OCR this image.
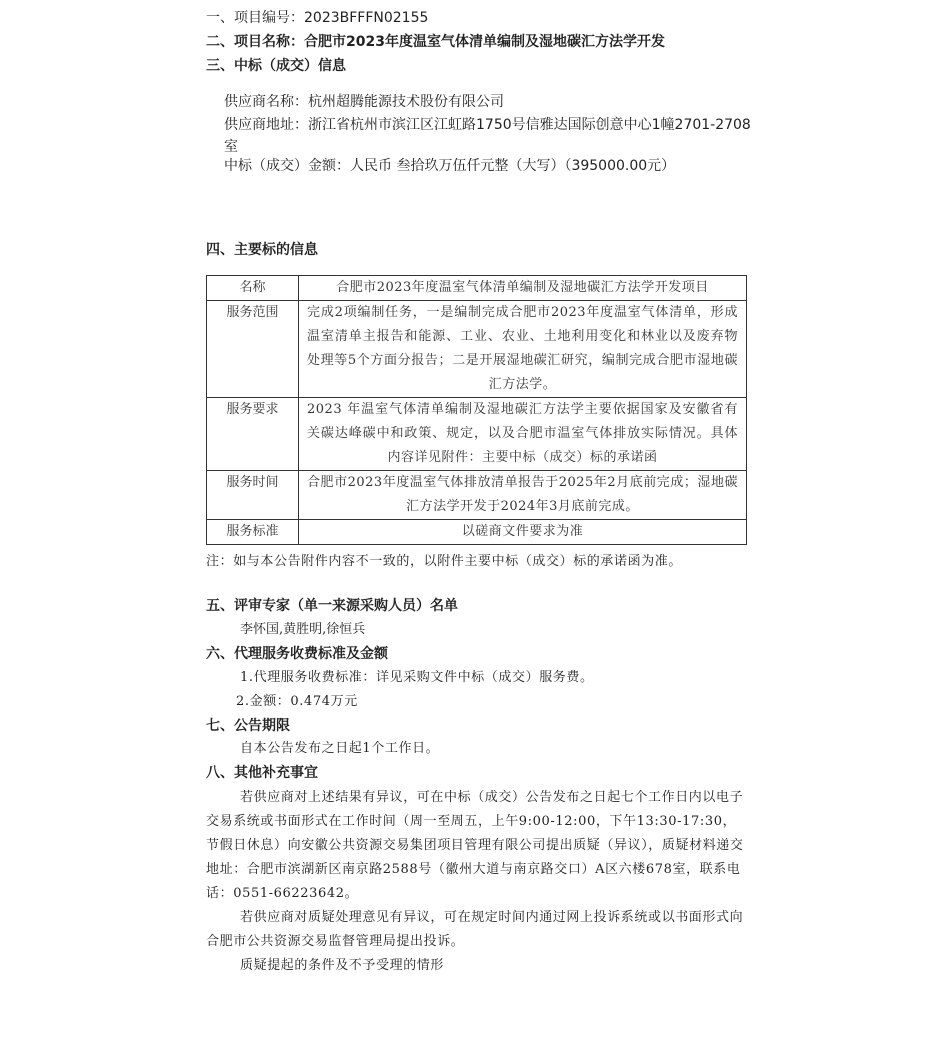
一、项目编号：2023BFFFN02155
二、项目名称：合肥市2023年度温室气体清单编制及湿地碳汇方法学开发
三、中标（成交）信息
供应商名称：杭州超腾能源技术股份有限公司
供应商地址：浙江省杭州市滨江区江虹路1750号信雅达国际创意中心1幢2701-2708室
中标（成交）金额：人民币 叁拾玖万伍仟元整（大写）（395000.00元）
四、主要标的信息
名称	合肥市2023年度温室气体清单编制及湿地碳汇方法学开发项目
服务范围	完成2项编制任务，一是编制完成合肥市2023年度温室气体清单，形成温室清单主报告和能源、工业、农业、土地利用变化和林业以及废弃物处理等5个方面分报告；二是开展湿地碳汇研究，编制完成合肥市湿地碳汇方法学。
服务要求	2023 年温室气体清单编制及湿地碳汇方法学主要依据国家及安徽省有关碳达峰碳中和政策、规定，以及合肥市温室气体排放实际情况。具体内容详见附件：主要中标（成交）标的承诺函
服务时间	合肥市2023年度温室气体排放清单报告于2025年2月底前完成；湿地碳汇方法学开发于2024年3月底前完成。
服务标准	以磋商文件要求为准
注：如与本公告附件内容不一致的，以附件主要中标（成交）标的承诺函为准。
五、评审专家（单一来源采购人员）名单
李怀国,黄胜明,徐恒兵
六、代理服务收费标准及金额
1.代理服务收费标准：详见采购文件中标（成交）服务费。
2.金额：0.474万元
七、公告期限
自本公告发布之日起1个工作日。
八、其他补充事宜
若供应商对上述结果有异议，可在中标（成交）公告发布之日起七个工作日内以电子交易系统或书面形式在工作时间（周一至周五，上午9:00-12:00，下午13:30-17:30，节假日休息）向安徽公共资源交易集团项目管理有限公司提出质疑（异议），质疑材料递交地址：合肥市滨湖新区南京路2588号（徽州大道与南京路交口）A区六楼678室，联系电话：0551-66223642。
若供应商对质疑处理意见有异议，可在规定时间内通过网上投诉系统或以书面形式向合肥市公共资源交易监督管理局提出投诉。
质疑提起的条件及不予受理的情形
